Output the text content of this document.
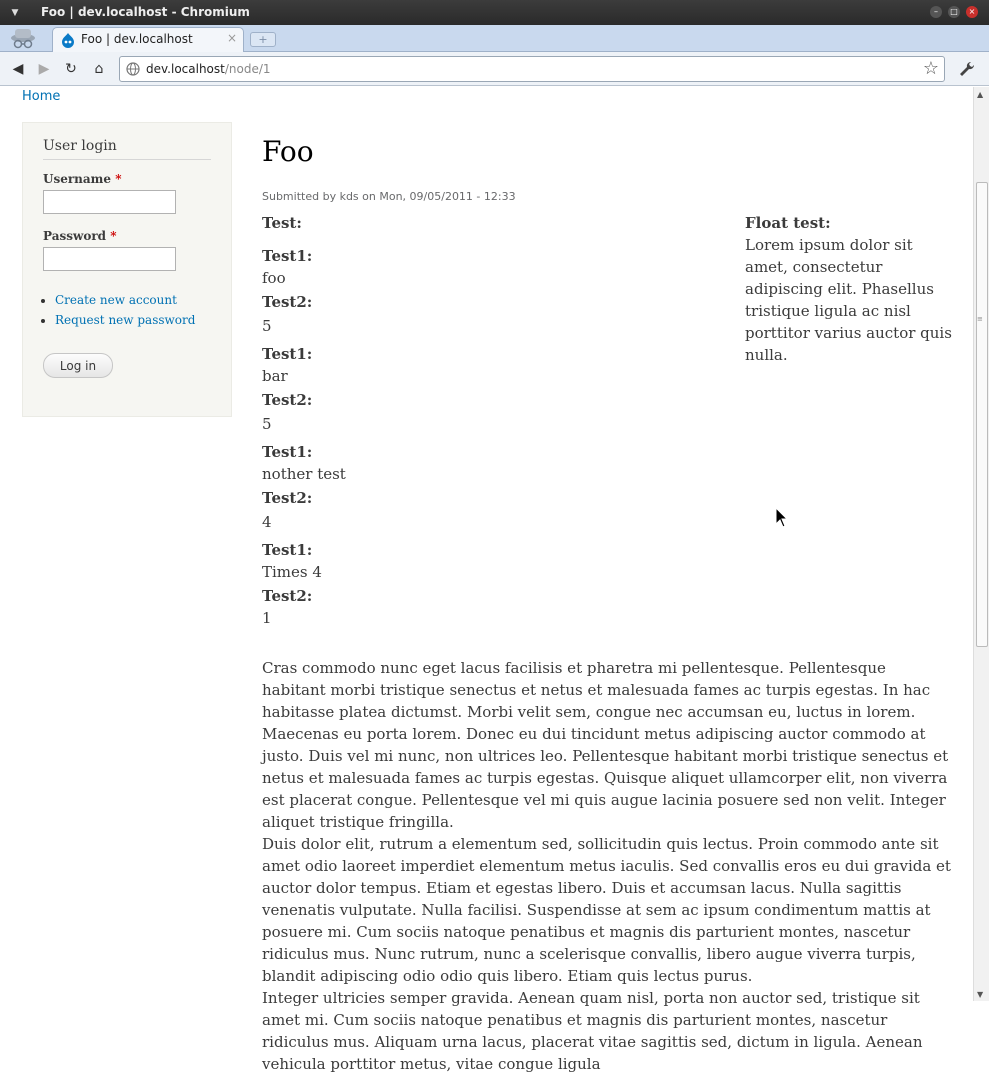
▼ Foo | dev.localhost - Chromium	–	□	×
Foo | dev.localhost	×	+
◀ ▶ ↻	⌂	dev.localhost/node/1	☆
Home
User login
Username *
Password *
• Create new account
• Request new password
Log in
Foo
Submitted by kds on Mon, 09/05/2011 - 12:33
Test:
Test1:
foo
Test2:
5
Test1:
bar
Test2:
5
Test1:
nother test
Test2:
4
Test1:
Times 4
Test2:
1
Float test:
Lorem ipsum dolor sit amet, consectetur adipiscing elit. Phasellus tristique ligula ac nisl porttitor varius auctor quis nulla.

Cras commodo nunc eget lacus facilisis et pharetra mi pellentesque. Pellentesque habitant morbi tristique senectus et netus et malesuada fames ac turpis egestas. In hac habitasse platea dictumst. Morbi velit sem, congue nec accumsan eu, luctus in lorem. Maecenas eu porta lorem. Donec eu dui tincidunt metus adipiscing auctor commodo at justo. Duis vel mi nunc, non ultrices leo. Pellentesque habitant morbi tristique senectus et netus et malesuada fames ac turpis egestas. Quisque aliquet ullamcorper elit, non viverra est placerat congue. Pellentesque vel mi quis augue lacinia posuere sed non velit. Integer aliquet tristique fringilla.

Duis dolor elit, rutrum a elementum sed, sollicitudin quis lectus. Proin commodo ante sit amet odio laoreet imperdiet elementum metus iaculis. Sed convallis eros eu dui gravida et auctor dolor tempus. Etiam et egestas libero. Duis et accumsan lacus. Nulla sagittis venenatis vulputate. Nulla facilisi. Suspendisse at sem ac ipsum condimentum mattis at posuere mi. Cum sociis natoque penatibus et magnis dis parturient montes, nascetur ridiculus mus. Nunc rutrum, nunc a scelerisque convallis, libero augue viverra turpis, blandit adipiscing odio odio quis libero. Etiam quis lectus purus.

Integer ultricies semper gravida. Aenean quam nisl, porta non auctor sed, tristique sit amet mi. Cum sociis natoque penatibus et magnis dis parturient montes, nascetur ridiculus mus. Aliquam urna lacus, placerat vitae sagittis sed, dictum in ligula. Aenean vehicula porttitor metus, vitae congue ligula

▲
≡
▼
